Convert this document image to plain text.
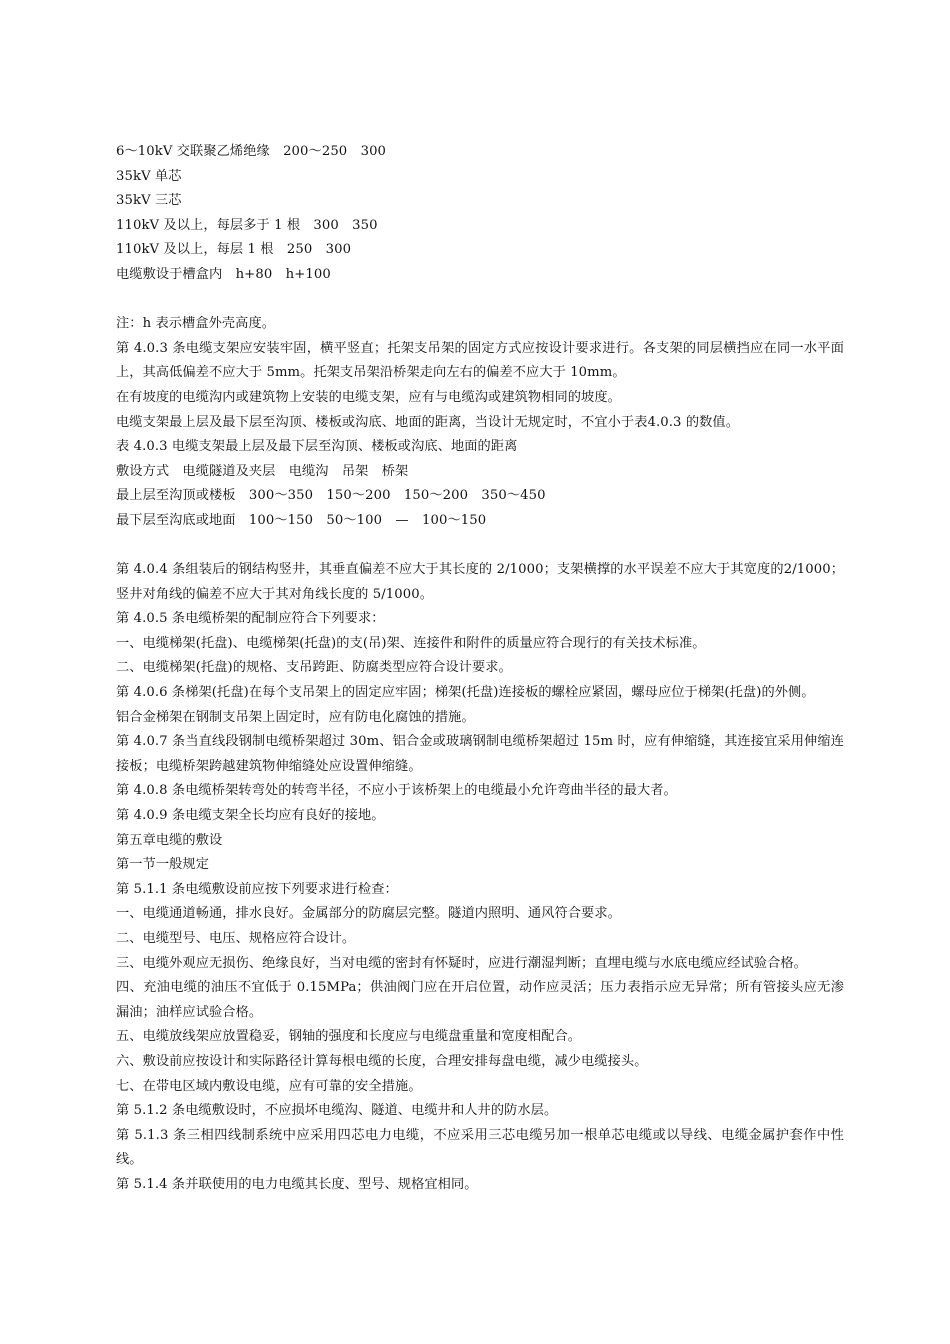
6～10kV 交联聚乙烯绝缘　200～250　300
35kV 单芯
35kV 三芯
110kV 及以上，每层多于 1 根　300　350
110kV 及以上，每层 1 根　250　300
电缆敷设于槽盒内　h+80　h+100
注：h 表示槽盒外壳高度。
第 4.0.3 条电缆支架应安装牢固，横平竖直；托架支吊架的固定方式应按设计要求进行。各支架的同层横挡应在同一水平面上，其高低偏差不应大于 5mm。托架支吊架沿桥架走向左右的偏差不应大于 10mm。
在有坡度的电缆沟内或建筑物上安装的电缆支架，应有与电缆沟或建筑物相同的坡度。
电缆支架最上层及最下层至沟顶、楼板或沟底、地面的距离，当设计无规定时，不宜小于表4.0.3 的数值。
表 4.0.3 电缆支架最上层及最下层至沟顶、楼板或沟底、地面的距离
敷设方式　电缆隧道及夹层　电缆沟　吊架　桥架
最上层至沟顶或楼板　300～350　150～200　150～200　350～450
最下层至沟底或地面　100～150　50～100　—　100～150
第 4.0.4 条组装后的钢结构竖井，其垂直偏差不应大于其长度的 2/1000；支架横撑的水平误差不应大于其宽度的2/1000；竖井对角线的偏差不应大于其对角线长度的 5/1000。
第 4.0.5 条电缆桥架的配制应符合下列要求：
一、电缆梯架(托盘)、电缆梯架(托盘)的支(吊)架、连接件和附件的质量应符合现行的有关技术标准。
二、电缆梯架(托盘)的规格、支吊跨距、防腐类型应符合设计要求。
第 4.0.6 条梯架(托盘)在每个支吊架上的固定应牢固；梯架(托盘)连接板的螺栓应紧固，螺母应位于梯架(托盘)的外侧。
铝合金梯架在钢制支吊架上固定时，应有防电化腐蚀的措施。
第 4.0.7 条当直线段钢制电缆桥架超过 30m、铝合金或玻璃钢制电缆桥架超过 15m 时，应有伸缩缝，其连接宜采用伸缩连接板；电缆桥架跨越建筑物伸缩缝处应设置伸缩缝。
第 4.0.8 条电缆桥架转弯处的转弯半径，不应小于该桥架上的电缆最小允许弯曲半径的最大者。
第 4.0.9 条电缆支架全长均应有良好的接地。
第五章电缆的敷设
第一节一般规定
第 5.1.1 条电缆敷设前应按下列要求进行检查：
一、电缆通道畅通，排水良好。金属部分的防腐层完整。隧道内照明、通风符合要求。
二、电缆型号、电压、规格应符合设计。
三、电缆外观应无损伤、绝缘良好，当对电缆的密封有怀疑时，应进行潮湿判断；直埋电缆与水底电缆应经试验合格。
四、充油电缆的油压不宜低于 0.15MPa；供油阀门应在开启位置，动作应灵活；压力表指示应无异常；所有管接头应无渗漏油；油样应试验合格。
五、电缆放线架应放置稳妥，钢轴的强度和长度应与电缆盘重量和宽度相配合。
六、敷设前应按设计和实际路径计算每根电缆的长度，合理安排每盘电缆，减少电缆接头。
七、在带电区域内敷设电缆，应有可靠的安全措施。
第 5.1.2 条电缆敷设时，不应损坏电缆沟、隧道、电缆井和人井的防水层。
第 5.1.3 条三相四线制系统中应采用四芯电力电缆，不应采用三芯电缆另加一根单芯电缆或以导线、电缆金属护套作中性线。
第 5.1.4 条并联使用的电力电缆其长度、型号、规格宜相同。
